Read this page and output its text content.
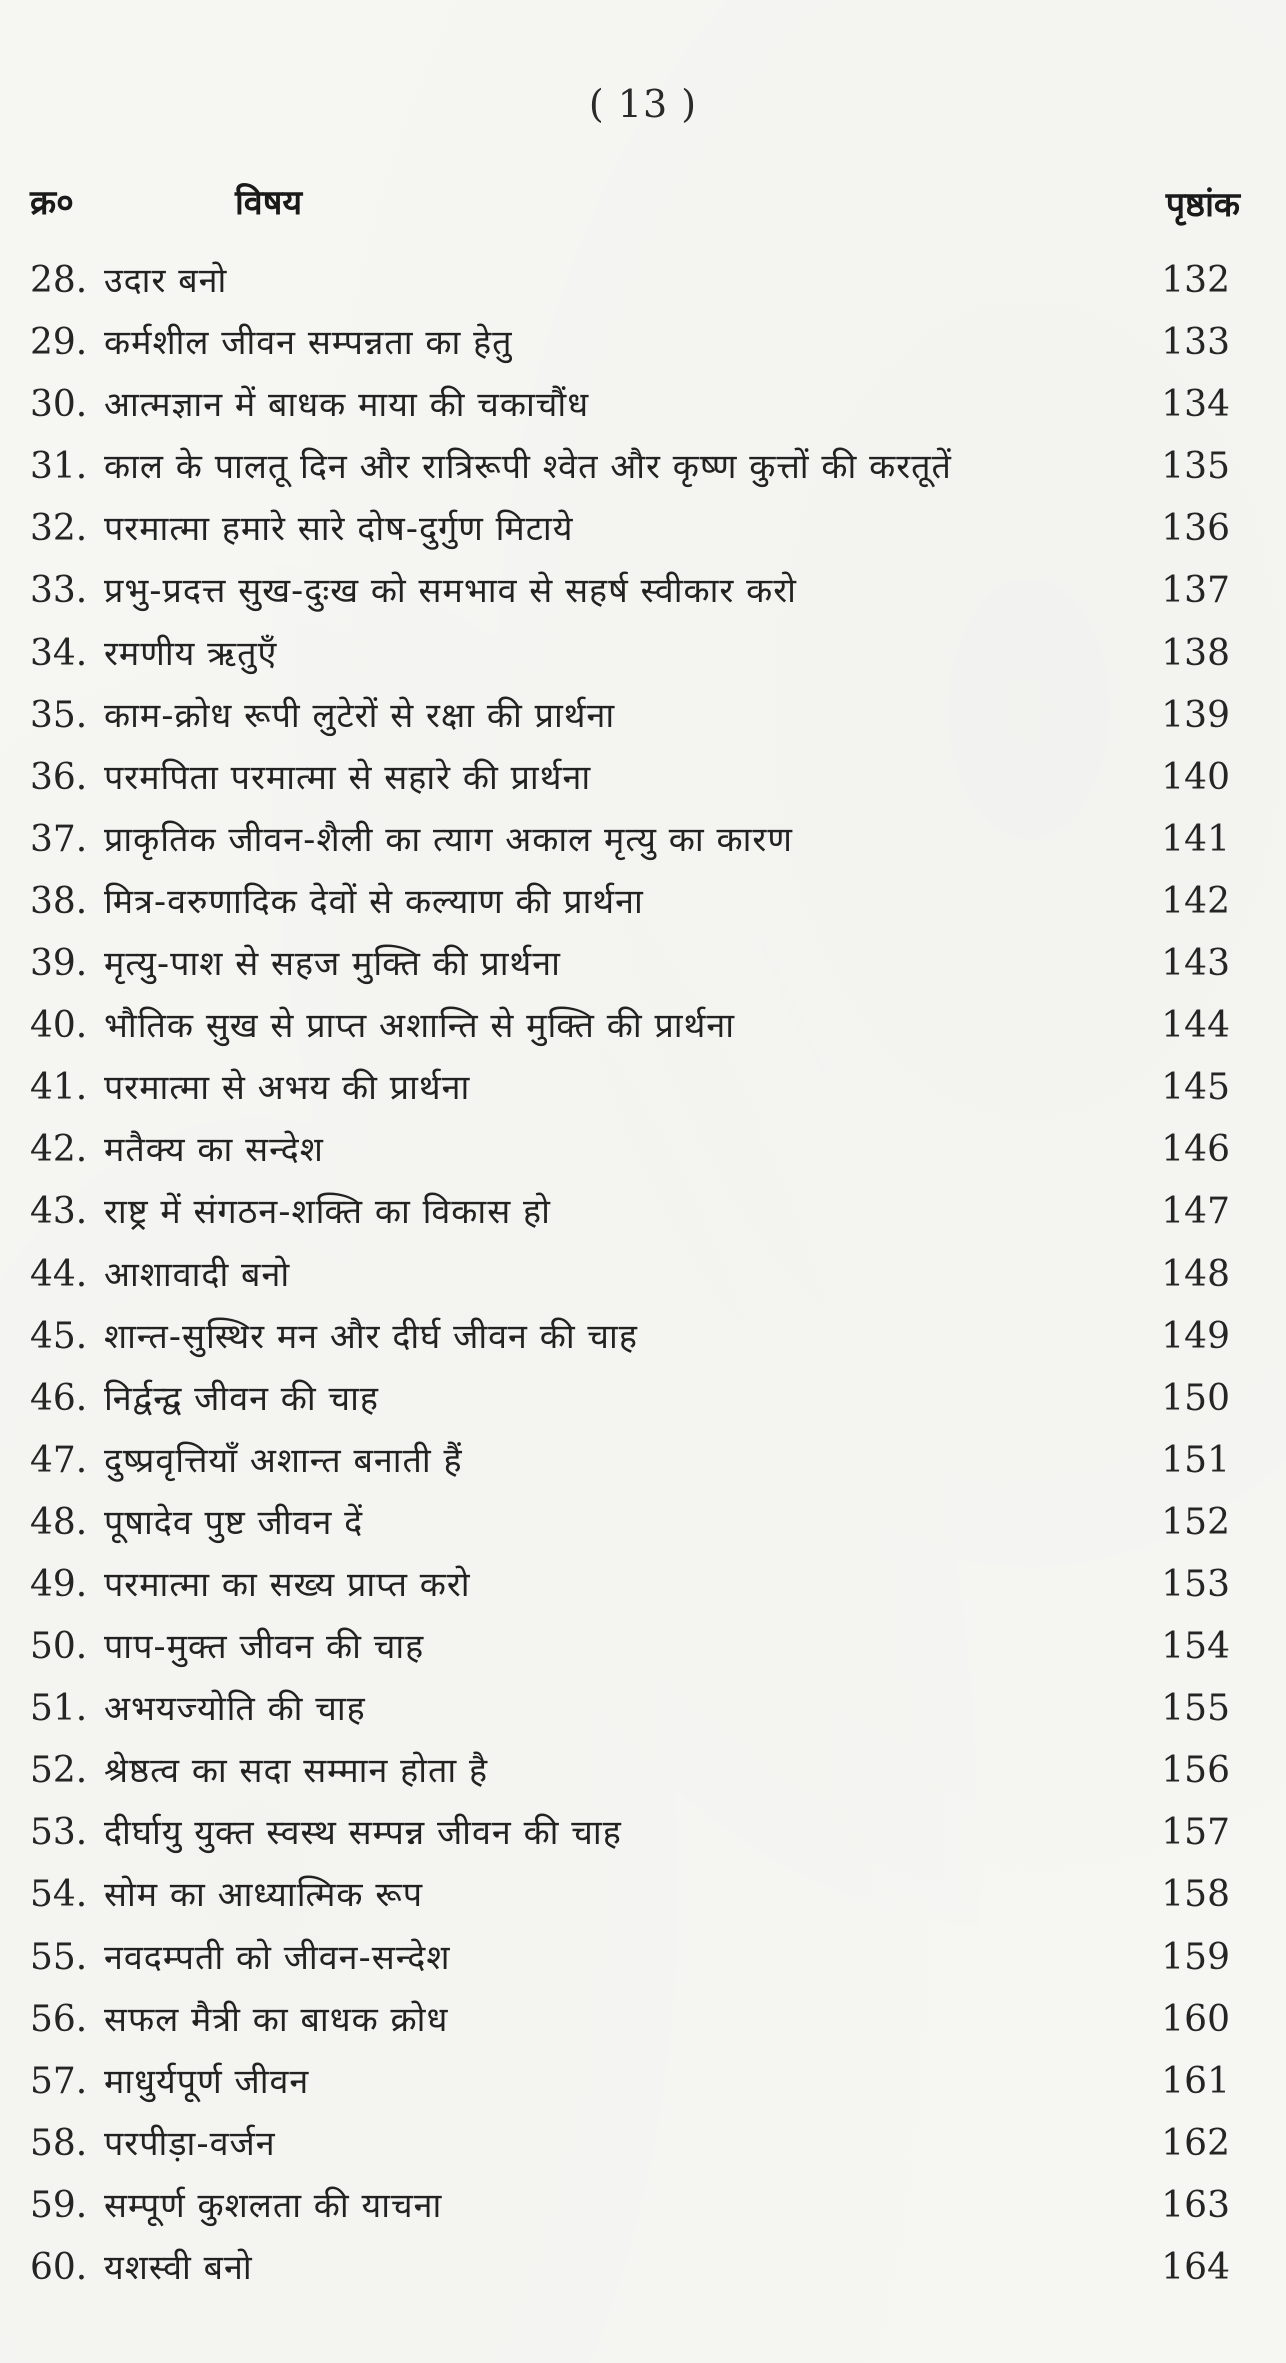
( 13 )
क्र०	विषय	पृष्ठांक
28. उदार बनो	132
29. कर्मशील जीवन सम्पन्नता का हेतु	133
30. आत्मज्ञान में बाधक माया की चकाचौंध	134
31. काल के पालतू दिन और रात्रिरूपी श्वेत और कृष्ण कुत्तों की करतूतें	135
32. परमात्मा हमारे सारे दोष-दुर्गुण मिटाये	136
33. प्रभु-प्रदत्त सुख-दुःख को समभाव से सहर्ष स्वीकार करो	137
34. रमणीय ऋतुएँ	138
35. काम-क्रोध रूपी लुटेरों से रक्षा की प्रार्थना	139
36. परमपिता परमात्मा से सहारे की प्रार्थना	140
37. प्राकृतिक जीवन-शैली का त्याग अकाल मृत्यु का कारण	141
38. मित्र-वरुणादिक देवों से कल्याण की प्रार्थना	142
39. मृत्यु-पाश से सहज मुक्ति की प्रार्थना	143
40. भौतिक सुख से प्राप्त अशान्ति से मुक्ति की प्रार्थना	144
41. परमात्मा से अभय की प्रार्थना	145
42. मतैक्य का सन्देश	146
43. राष्ट्र में संगठन-शक्ति का विकास हो	147
44. आशावादी बनो	148
45. शान्त-सुस्थिर मन और दीर्घ जीवन की चाह	149
46. निर्द्वन्द्व जीवन की चाह	150
47. दुष्प्रवृत्तियाँ अशान्त बनाती हैं	151
48. पूषादेव पुष्ट जीवन दें	152
49. परमात्मा का सख्य प्राप्त करो	153
50. पाप-मुक्त जीवन की चाह	154
51. अभयज्योति की चाह	155
52. श्रेष्ठत्व का सदा सम्मान होता है	156
53. दीर्घायु युक्त स्वस्थ सम्पन्न जीवन की चाह	157
54. सोम का आध्यात्मिक रूप	158
55. नवदम्पती को जीवन-सन्देश	159
56. सफल मैत्री का बाधक क्रोध	160
57. माधुर्यपूर्ण जीवन	161
58. परपीड़ा-वर्जन	162
59. सम्पूर्ण कुशलता की याचना	163
60. यशस्वी बनो	164
